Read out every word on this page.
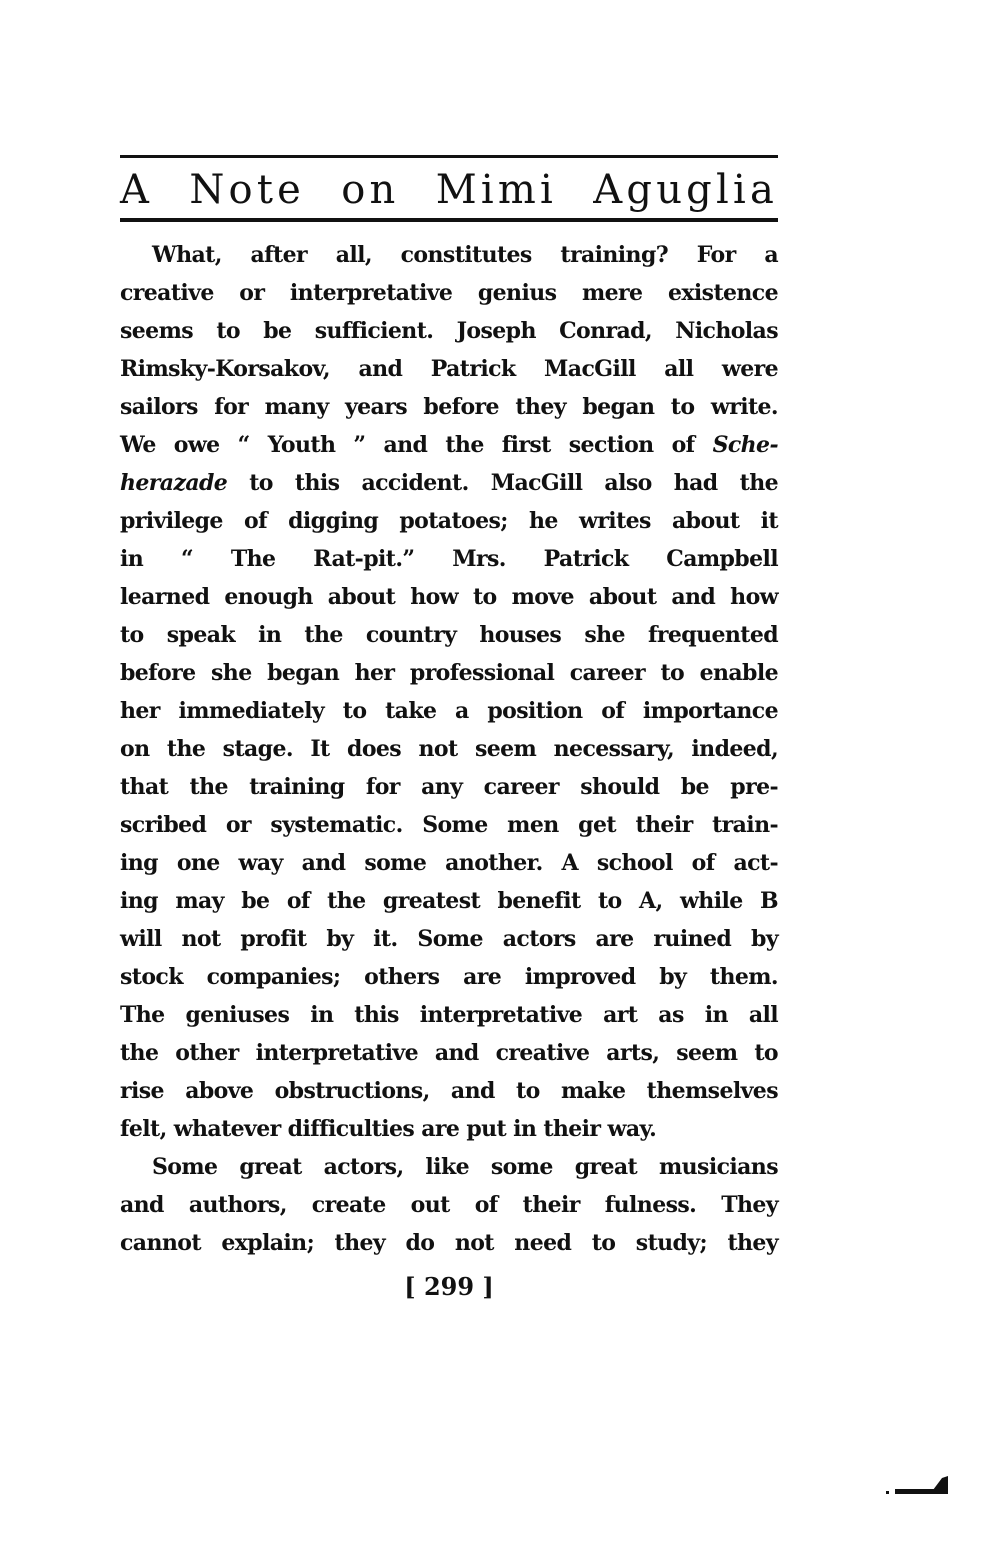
A Note on Mimi Aguglia
What, after all, constitutes training? For a
creative or interpretative genius mere existence
seems to be sufficient. Joseph Conrad, Nicholas
Rimsky-Korsakov, and Patrick MacGill all were
sailors for many years before they began to write.
We owe “ Youth ” and the first section of Sche-
herazade to this accident. MacGill also had the
privilege of digging potatoes; he writes about it
in “ The Rat-pit.” Mrs. Patrick Campbell
learned enough about how to move about and how
to speak in the country houses she frequented
before she began her professional career to enable
her immediately to take a position of importance
on the stage. It does not seem necessary, indeed,
that the training for any career should be pre-
scribed or systematic. Some men get their train-
ing one way and some another. A school of act-
ing may be of the greatest benefit to A, while B
will not profit by it. Some actors are ruined by
stock companies; others are improved by them.
The geniuses in this interpretative art as in all
the other interpretative and creative arts, seem to
rise above obstructions, and to make themselves
felt, whatever difficulties are put in their way.
Some great actors, like some great musicians
and authors, create out of their fulness. They
cannot explain; they do not need to study; they
[ 299 ]
